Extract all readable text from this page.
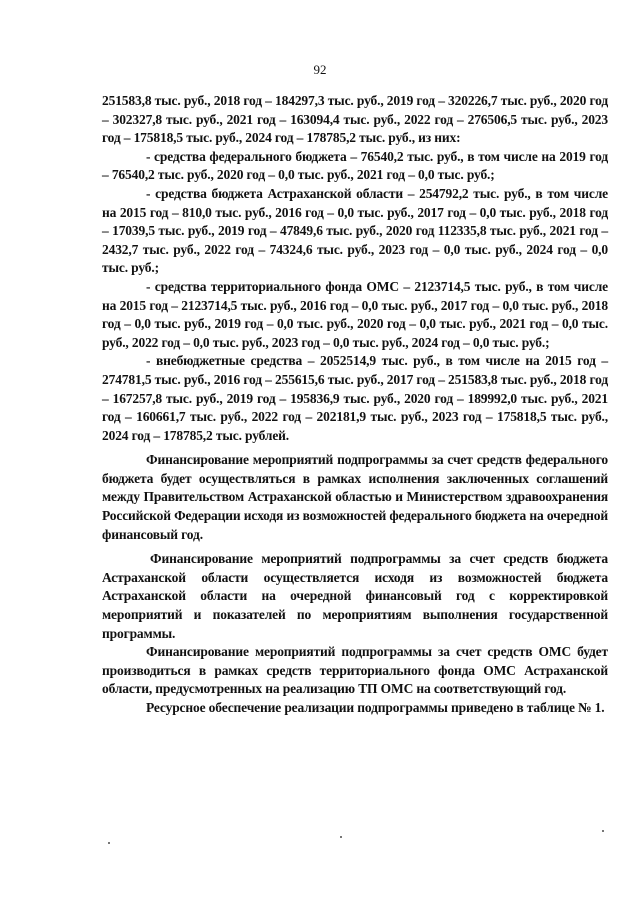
92

251583,8 тыс. руб., 2018 год – 184297,3 тыс. руб., 2019 год – 320226,7 тыс. руб., 2020 год – 302327,8 тыс. руб., 2021 год – 163094,4 тыс. руб., 2022 год – 276506,5 тыс. руб., 2023 год – 175818,5 тыс. руб., 2024 год – 178785,2 тыс. руб., из них:

- средства федерального бюджета – 76540,2 тыс. руб., в том числе на 2019 год – 76540,2 тыс. руб., 2020 год – 0,0 тыс. руб., 2021 год – 0,0 тыс. руб.;

- средства бюджета Астраханской области – 254792,2 тыс. руб., в том числе на 2015 год – 810,0 тыс. руб., 2016 год – 0,0 тыс. руб., 2017 год – 0,0 тыс. руб., 2018 год – 17039,5 тыс. руб., 2019 год – 47849,6 тыс. руб., 2020 год 112335,8 тыс. руб., 2021 год – 2432,7 тыс. руб., 2022 год – 74324,6 тыс. руб., 2023 год – 0,0 тыс. руб., 2024 год – 0,0 тыс. руб.;

- средства территориального фонда ОМС – 2123714,5 тыс. руб., в том числе на 2015 год – 2123714,5 тыс. руб., 2016 год – 0,0 тыс. руб., 2017 год – 0,0 тыс. руб., 2018 год – 0,0 тыс. руб., 2019 год – 0,0 тыс. руб., 2020 год – 0,0 тыс. руб., 2021 год – 0,0 тыс. руб., 2022 год – 0,0 тыс. руб., 2023 год – 0,0 тыс. руб., 2024 год – 0,0 тыс. руб.;

- внебюджетные средства – 2052514,9 тыс. руб., в том числе на 2015 год – 274781,5 тыс. руб., 2016 год – 255615,6 тыс. руб., 2017 год – 251583,8 тыс. руб., 2018 год – 167257,8 тыс. руб., 2019 год – 195836,9 тыс. руб., 2020 год – 189992,0 тыс. руб., 2021 год – 160661,7 тыс. руб., 2022 год – 202181,9 тыс. руб., 2023 год – 175818,5 тыс. руб., 2024 год – 178785,2 тыс. рублей.

Финансирование мероприятий подпрограммы за счет средств федерального бюджета будет осуществляться в рамках исполнения заключенных соглашений между Правительством Астраханской областью и Министерством здравоохранения Российской Федерации исходя из возможностей федерального бюджета на очередной финансовый год.

Финансирование мероприятий подпрограммы за счет средств бюджета Астраханской области осуществляется исходя из возможностей бюджета Астраханской области на очередной финансовый год с корректировкой мероприятий и показателей по мероприятиям выполнения государственной программы.

Финансирование мероприятий подпрограммы за счет средств ОМС будет производиться в рамках средств территориального фонда ОМС Астраханской области, предусмотренных на реализацию ТП ОМС на соответствующий год.

Ресурсное обеспечение реализации подпрограммы приведено в таблице № 1.
